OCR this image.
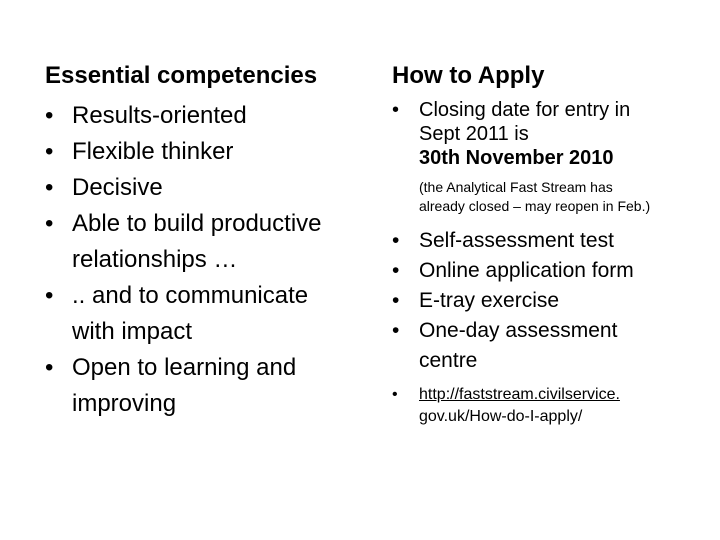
Essential competencies
• Results-oriented
• Flexible thinker
• Decisive
• Able to build productive
relationships …
• .. and to communicate
with impact
• Open to learning and
improving
How to Apply
• Closing date for entry in
Sept 2011 is
30th November 2010
(the Analytical Fast Stream has
already closed – may reopen in Feb.)
• Self-assessment test
• Online application form
• E-tray exercise
• One-day assessment
centre
• http://faststream.civilservice.
gov.uk/How-do-I-apply/
